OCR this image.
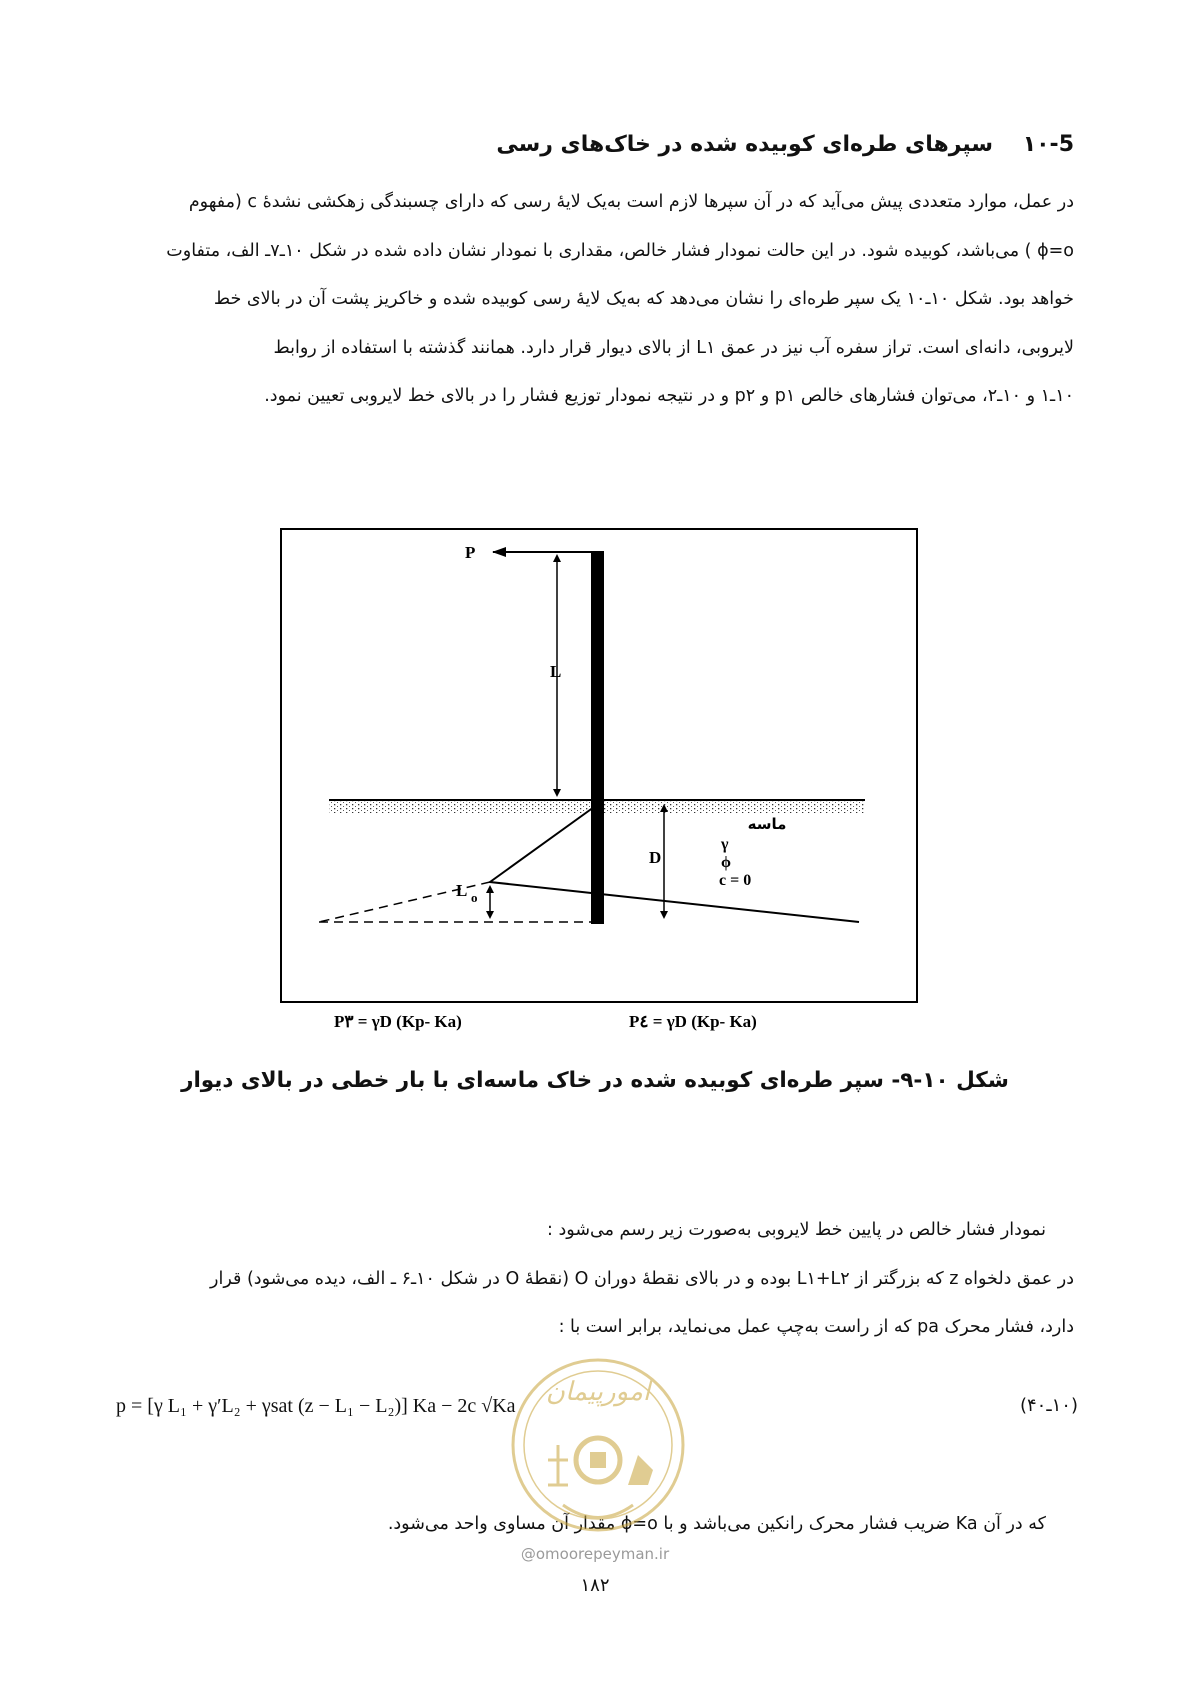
۱۰-5 سپرهای طره‌ای کوبیده شده در خاک‌های رسی

در عمل، موارد متعددی پیش می‌آید که در آن سپرها لازم است به‌یک لایهٔ رسی که دارای چسبندگی زهکشی نشدهٔ c (مفهوم

ϕ=o ) می‌باشد، کوبیده شود. در این حالت نمودار فشار خالص، مقداری با نمودار نشان داده شده در شکل ۱۰ـ۷ـ الف، متفاوت

خواهد بود. شکل ۱۰ـ۱۰ یک سپر طره‌ای را نشان می‌دهد که به‌یک لایهٔ رسی کوبیده شده و خاکریز پشت آن در بالای خط

لایروبی، دانه‌ای است. تراز سفره آب نیز در عمق L۱ از بالای دیوار قرار دارد. همانند گذشته با استفاده از روابط

۱۰ـ۱ و ۱۰ـ۲، می‌توان فشارهای خالص p۱ و p۲ و در نتیجه نمودار توزیع فشار را در بالای خط لایروبی تعیین نمود.

P
L
L o
D
ماسه
γ
ϕ
c = 0
P۳ = γD (Kp- Ka)	P٤ = γD (Kp- Ka)
شکل ۱۰-۹- سپر طره‌ای کوبیده شده در خاک ماسه‌ای با بار خطی در بالای دیوار

نمودار فشار خالص در پایین خط لایروبی به‌صورت زیر رسم می‌شود :

در عمق دلخواه z که بزرگتر از L۱+L۲ بوده و در بالای نقطهٔ دوران O (نقطهٔ O در شکل ۱۰ـ۶ ـ الف، دیده می‌شود) قرار

دارد، فشار محرک pa که از راست به‌چپ عمل می‌نماید، برابر است با :

p = [γ L₁ + γ′L₂ + γsat (z − L₁ − L₂)] Ka − 2c √Ka	(۱۰ـ۴۰)

که در آن Ka ضریب فشار محرک رانکین می‌باشد و با ϕ=o مقدار آن مساوی واحد می‌شود.

امورپیمان
@omoorepeyman.ir
۱۸۲
